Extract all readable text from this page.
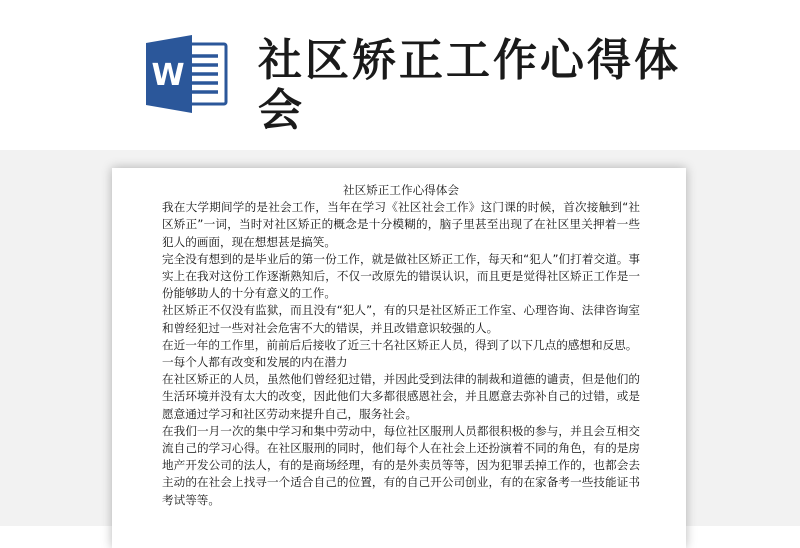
W 社区矫正工作心得体会

社区矫正工作心得体会

我在大学期间学的是社会工作，当年在学习《社区社会工作》这门课的时候，首次接触到“社区矫正”一词，当时对社区矫正的概念是十分模糊的，脑子里甚至出现了在社区里关押着一些犯人的画面，现在想想甚是搞笑。

完全没有想到的是毕业后的第一份工作，就是做社区矫正工作，每天和“犯人”们打着交道。事实上在我对这份工作逐渐熟知后，不仅一改原先的错误认识，而且更是觉得社区矫正工作是一份能够助人的十分有意义的工作。

社区矫正不仅没有监狱，而且没有“犯人”，有的只是社区矫正工作室、心理咨询、法律咨询室和曾经犯过一些对社会危害不大的错误，并且改错意识较强的人。

在近一年的工作里，前前后后接收了近三十名社区矫正人员，得到了以下几点的感想和反思。

一每个人都有改变和发展的内在潜力

在社区矫正的人员，虽然他们曾经犯过错，并因此受到法律的制裁和道德的谴责，但是他们的生活环境并没有太大的改变，因此他们大多都很感恩社会，并且愿意去弥补自己的过错，或是愿意通过学习和社区劳动来提升自己，服务社会。

在我们一月一次的集中学习和集中劳动中，每位社区服刑人员都很积极的参与，并且会互相交流自己的学习心得。在社区服刑的同时，他们每个人在社会上还扮演着不同的角色，有的是房地产开发公司的法人，有的是商场经理，有的是外卖员等等，因为犯罪丢掉工作的，也都会去主动的在社会上找寻一个适合自己的位置，有的自己开公司创业，有的在家备考一些技能证书考试等等。
